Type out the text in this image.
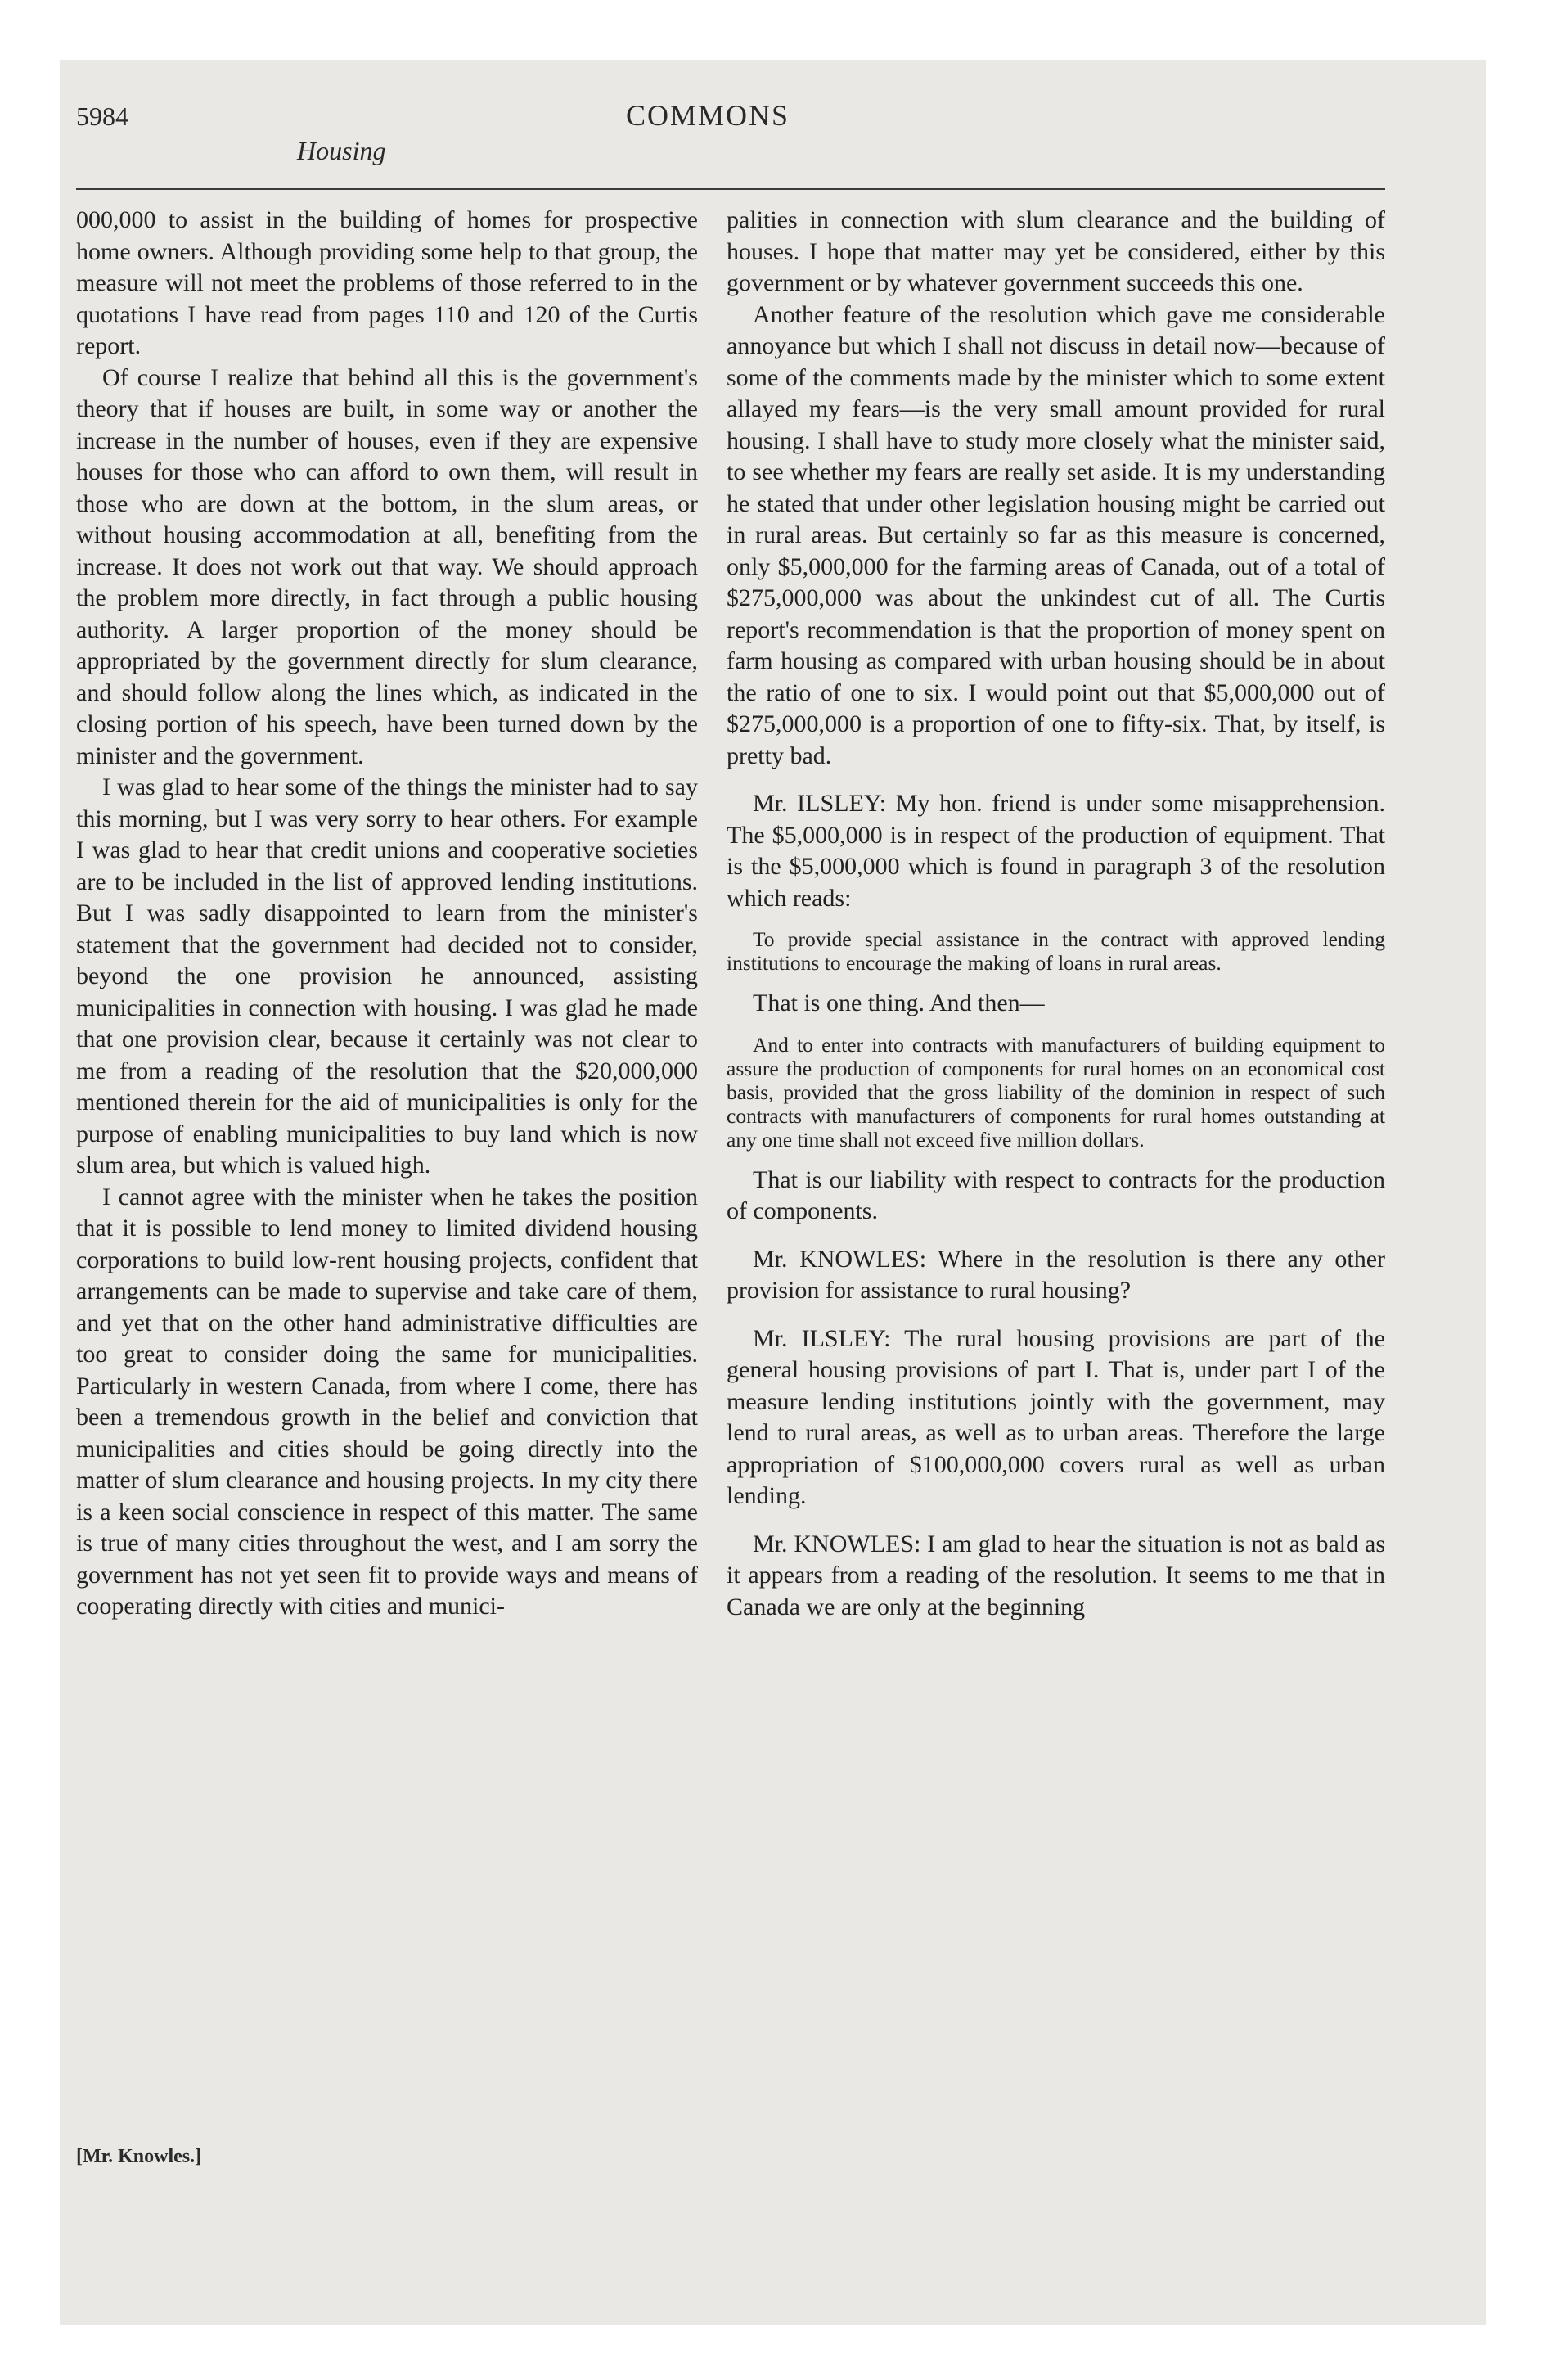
5984
Housing
COMMONS

000,000 to assist in the building of homes for prospective home owners. Although providing some help to that group, the measure will not meet the problems of those referred to in the quotations I have read from pages 110 and 120 of the Curtis report.

Of course I realize that behind all this is the government's theory that if houses are built, in some way or another the increase in the number of houses, even if they are expensive houses for those who can afford to own them, will result in those who are down at the bottom, in the slum areas, or without housing accommodation at all, benefiting from the increase. It does not work out that way. We should approach the problem more directly, in fact through a public housing authority. A larger proportion of the money should be appropriated by the government directly for slum clearance, and should follow along the lines which, as indicated in the closing portion of his speech, have been turned down by the minister and the government.

I was glad to hear some of the things the minister had to say this morning, but I was very sorry to hear others. For example I was glad to hear that credit unions and cooperative societies are to be included in the list of approved lending institutions. But I was sadly disappointed to learn from the minister's statement that the government had decided not to consider, beyond the one provision he announced, assisting municipalities in connection with housing. I was glad he made that one provision clear, because it certainly was not clear to me from a reading of the resolution that the $20,000,000 mentioned therein for the aid of municipalities is only for the purpose of enabling municipalities to buy land which is now slum area, but which is valued high.

I cannot agree with the minister when he takes the position that it is possible to lend money to limited dividend housing corporations to build low-rent housing projects, confident that arrangements can be made to supervise and take care of them, and yet that on the other hand administrative difficulties are too great to consider doing the same for municipalities. Particularly in western Canada, from where I come, there has been a tremendous growth in the belief and conviction that municipalities and cities should be going directly into the matter of slum clearance and housing projects. In my city there is a keen social conscience in respect of this matter. The same is true of many cities throughout the west, and I am sorry the government has not yet seen fit to provide ways and means of cooperating directly with cities and munici-

palities in connection with slum clearance and the building of houses. I hope that matter may yet be considered, either by this government or by whatever government succeeds this one.

Another feature of the resolution which gave me considerable annoyance but which I shall not discuss in detail now—because of some of the comments made by the minister which to some extent allayed my fears—is the very small amount provided for rural housing. I shall have to study more closely what the minister said, to see whether my fears are really set aside. It is my understanding he stated that under other legislation housing might be carried out in rural areas. But certainly so far as this measure is concerned, only $5,000,000 for the farming areas of Canada, out of a total of $275,000,000 was about the unkindest cut of all. The Curtis report's recommendation is that the proportion of money spent on farm housing as compared with urban housing should be in about the ratio of one to six. I would point out that $5,000,000 out of $275,000,000 is a proportion of one to fifty-six. That, by itself, is pretty bad.

Mr. ILSLEY: My hon. friend is under some misapprehension. The $5,000,000 is in respect of the production of equipment. That is the $5,000,000 which is found in paragraph 3 of the resolution which reads:

To provide special assistance in the contract with approved lending institutions to encourage the making of loans in rural areas.

That is one thing. And then—

And to enter into contracts with manufacturers of building equipment to assure the production of components for rural homes on an economical cost basis, provided that the gross liability of the dominion in respect of such contracts with manufacturers of components for rural homes outstanding at any one time shall not exceed five million dollars.

That is our liability with respect to contracts for the production of components.

Mr. KNOWLES: Where in the resolution is there any other provision for assistance to rural housing?

Mr. ILSLEY: The rural housing provisions are part of the general housing provisions of part I. That is, under part I of the measure lending institutions jointly with the government, may lend to rural areas, as well as to urban areas. Therefore the large appropriation of $100,000,000 covers rural as well as urban lending.

Mr. KNOWLES: I am glad to hear the situation is not as bald as it appears from a reading of the resolution. It seems to me that in Canada we are only at the beginning

[Mr. Knowles.]
